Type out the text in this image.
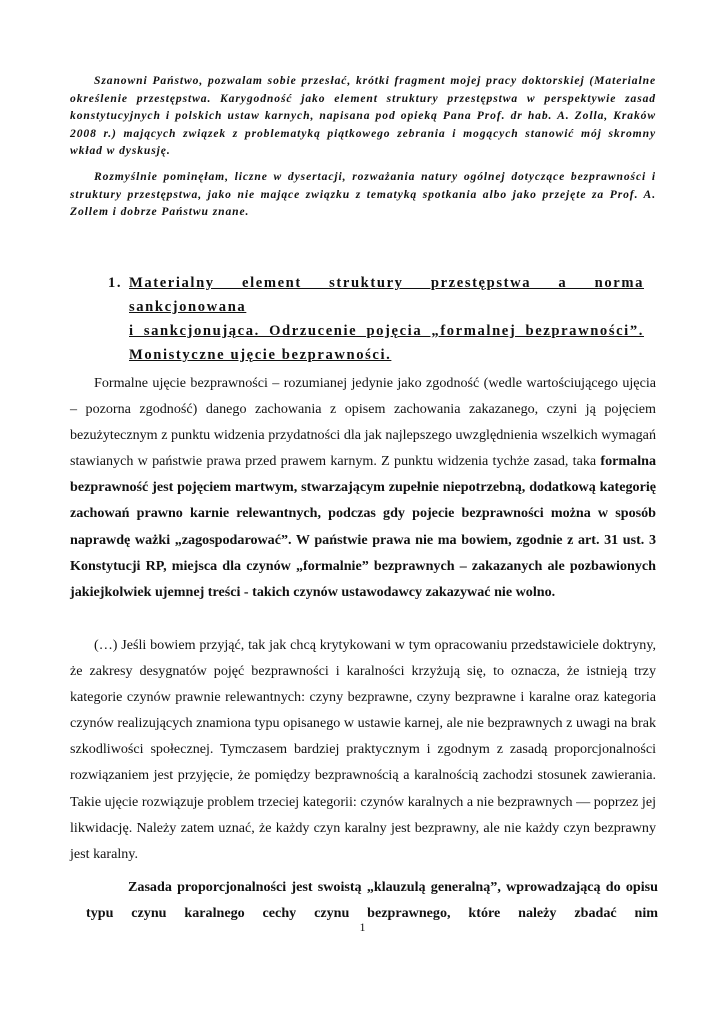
Szanowni Państwo, pozwalam sobie przesłać, krótki fragment mojej pracy doktorskiej (Materialne określenie przestępstwa. Karygodność jako element struktury przestępstwa w perspektywie zasad konstytucyjnych i polskich ustaw karnych, napisana pod opieką Pana Prof. dr hab. A. Zolla, Kraków 2008 r.) mających związek z problematyką piątkowego zebrania i mogących stanowić mój skromny wkład w dyskusję.

Rozmyślnie pominęłam, liczne w dysertacji, rozważania natury ogólnej dotyczące bezprawności i struktury przestępstwa, jako nie mające związku z tematyką spotkania albo jako przejęte za Prof. A. Zollem i dobrze Państwu znane.

1. Materialny element struktury przestępstwa a norma sankcjonowana
i sankcjonująca. Odrzucenie pojęcia „formalnej bezprawności”.
Monistyczne ujęcie bezprawności.

Formalne ujęcie bezprawności – rozumianej jedynie jako zgodność (wedle wartościującego ujęcia – pozorna zgodność) danego zachowania z opisem zachowania zakazanego, czyni ją pojęciem bezużytecznym z punktu widzenia przydatności dla jak najlepszego uwzględnienia wszelkich wymagań stawianych w państwie prawa przed prawem karnym. Z punktu widzenia tychże zasad, taka formalna bezprawność jest pojęciem martwym, stwarzającym zupełnie niepotrzebną, dodatkową kategorię zachowań prawno karnie relewantnych, podczas gdy pojecie bezprawności można w sposób naprawdę ważki „zagospodarować”. W państwie prawa nie ma bowiem, zgodnie z art. 31 ust. 3 Konstytucji RP, miejsca dla czynów „formalnie” bezprawnych – zakazanych ale pozbawionych jakiejkolwiek ujemnej treści - takich czynów ustawodawcy zakazywać nie wolno.

(…) Jeśli bowiem przyjąć, tak jak chcą krytykowani w tym opracowaniu przedstawiciele doktryny, że zakresy desygnatów pojęć bezprawności i karalności krzyżują się, to oznacza, że istnieją trzy kategorie czynów prawnie relewantnych: czyny bezprawne, czyny bezprawne i karalne oraz kategoria czynów realizujących znamiona typu opisanego w ustawie karnej, ale nie bezprawnych z uwagi na brak szkodliwości społecznej. Tymczasem bardziej praktycznym i zgodnym z zasadą proporcjonalności rozwiązaniem jest przyjęcie, że pomiędzy bezprawnością a karalnością zachodzi stosunek zawierania. Takie ujęcie rozwiązuje problem trzeciej kategorii: czynów karalnych a nie bezprawnych — poprzez jej likwidację. Należy zatem uznać, że każdy czyn karalny jest bezprawny, ale nie każdy czyn bezprawny jest karalny.

Zasada proporcjonalności jest swoistą „klauzulą generalną”, wprowadzającą do opisu typu czynu karalnego cechy czynu bezprawnego, które należy zbadać nim

1
